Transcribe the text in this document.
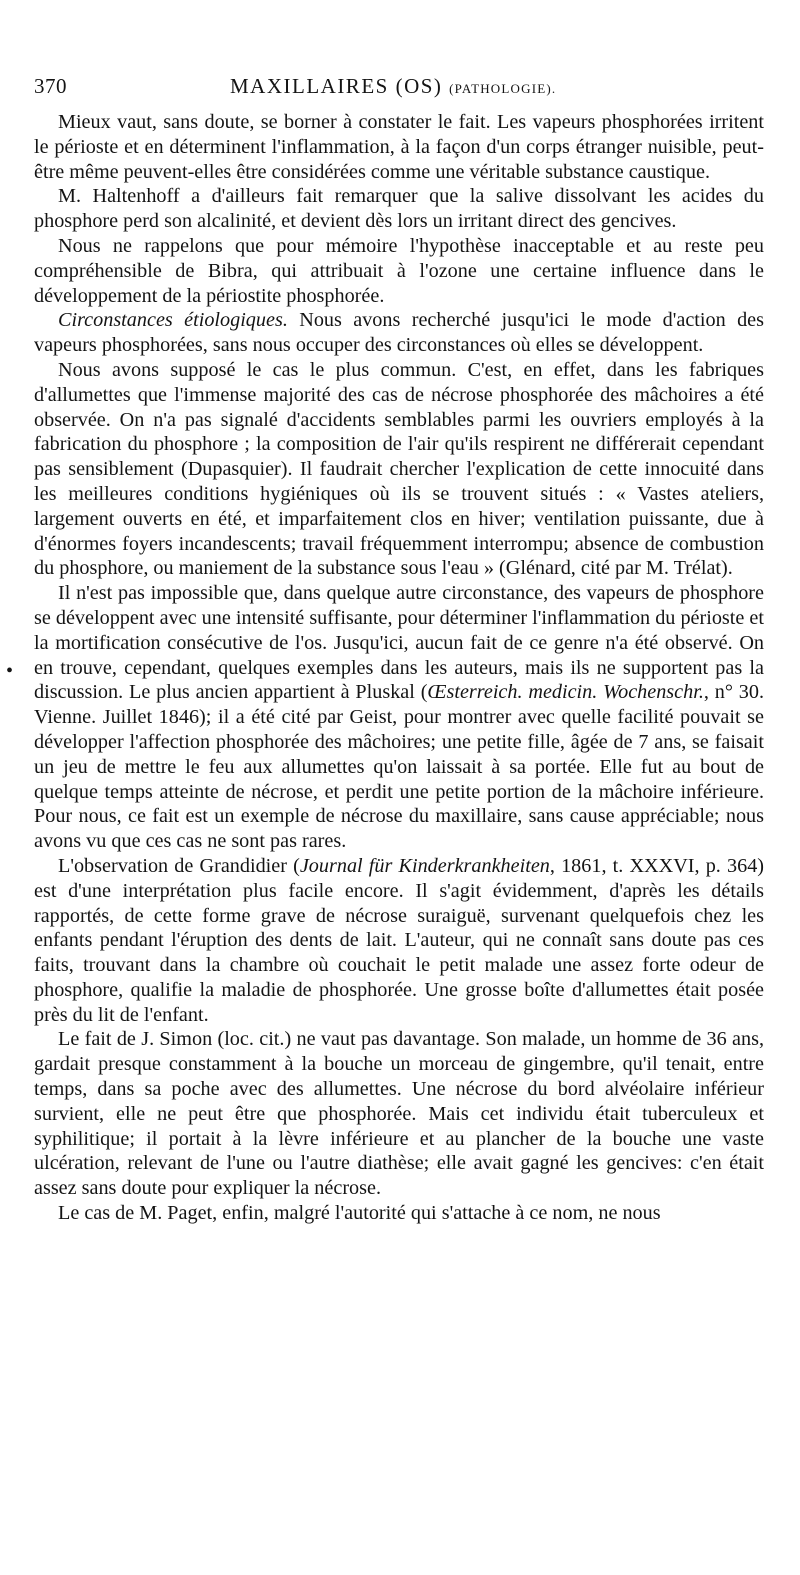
370	MAXILLAIRES (OS) (PATHOLOGIE).

Mieux vaut, sans doute, se borner à constater le fait. Les vapeurs phosphorées irritent le périoste et en déterminent l'inflammation, à la façon d'un corps étranger nuisible, peut-être même peuvent-elles être considérées comme une véritable substance caustique.

M. Haltenhoff a d'ailleurs fait remarquer que la salive dissolvant les acides du phosphore perd son alcalinité, et devient dès lors un irritant direct des gencives.

Nous ne rappelons que pour mémoire l'hypothèse inacceptable et au reste peu compréhensible de Bibra, qui attribuait à l'ozone une certaine influence dans le développement de la périostite phosphorée.

Circonstances étiologiques. Nous avons recherché jusqu'ici le mode d'action des vapeurs phosphorées, sans nous occuper des circonstances où elles se développent.

Nous avons supposé le cas le plus commun. C'est, en effet, dans les fabriques d'allumettes que l'immense majorité des cas de nécrose phosphorée des mâchoires a été observée. On n'a pas signalé d'accidents semblables parmi les ouvriers employés à la fabrication du phosphore ; la composition de l'air qu'ils respirent ne différerait cependant pas sensiblement (Dupasquier). Il faudrait chercher l'explication de cette innocuité dans les meilleures conditions hygiéniques où ils se trouvent situés : « Vastes ateliers, largement ouverts en été, et imparfaitement clos en hiver; ventilation puissante, due à d'énormes foyers incandescents; travail fréquemment interrompu; absence de combustion du phosphore, ou maniement de la substance sous l'eau » (Glénard, cité par M. Trélat).

Il n'est pas impossible que, dans quelque autre circonstance, des vapeurs de phosphore se développent avec une intensité suffisante, pour déterminer l'inflammation du périoste et la mortification consécutive de l'os. Jusqu'ici, aucun fait de ce genre n'a été observé. On en trouve, cependant, quelques exemples dans les auteurs, mais ils ne supportent pas la discussion. Le plus ancien appartient à Pluskal (Œsterreich. medicin. Wochenschr., n° 30. Vienne. Juillet 1846); il a été cité par Geist, pour montrer avec quelle facilité pouvait se développer l'affection phosphorée des mâchoires; une petite fille, âgée de 7 ans, se faisait un jeu de mettre le feu aux allumettes qu'on laissait à sa portée. Elle fut au bout de quelque temps atteinte de nécrose, et perdit une petite portion de la mâchoire inférieure. Pour nous, ce fait est un exemple de nécrose du maxillaire, sans cause appréciable; nous avons vu que ces cas ne sont pas rares.

L'observation de Grandidier (Journal für Kinderkrankheiten, 1861, t. XXXVI, p. 364) est d'une interprétation plus facile encore. Il s'agit évidemment, d'après les détails rapportés, de cette forme grave de nécrose suraiguë, survenant quelquefois chez les enfants pendant l'éruption des dents de lait. L'auteur, qui ne connaît sans doute pas ces faits, trouvant dans la chambre où couchait le petit malade une assez forte odeur de phosphore, qualifie la maladie de phosphorée. Une grosse boîte d'allumettes était posée près du lit de l'enfant.

Le fait de J. Simon (loc. cit.) ne vaut pas davantage. Son malade, un homme de 36 ans, gardait presque constamment à la bouche un morceau de gingembre, qu'il tenait, entre temps, dans sa poche avec des allumettes. Une nécrose du bord alvéolaire inférieur survient, elle ne peut être que phosphorée. Mais cet individu était tuberculeux et syphilitique; il portait à la lèvre inférieure et au plancher de la bouche une vaste ulcération, relevant de l'une ou l'autre diathèse; elle avait gagné les gencives: c'en était assez sans doute pour expliquer la nécrose.

Le cas de M. Paget, enfin, malgré l'autorité qui s'attache à ce nom, ne nous

•
